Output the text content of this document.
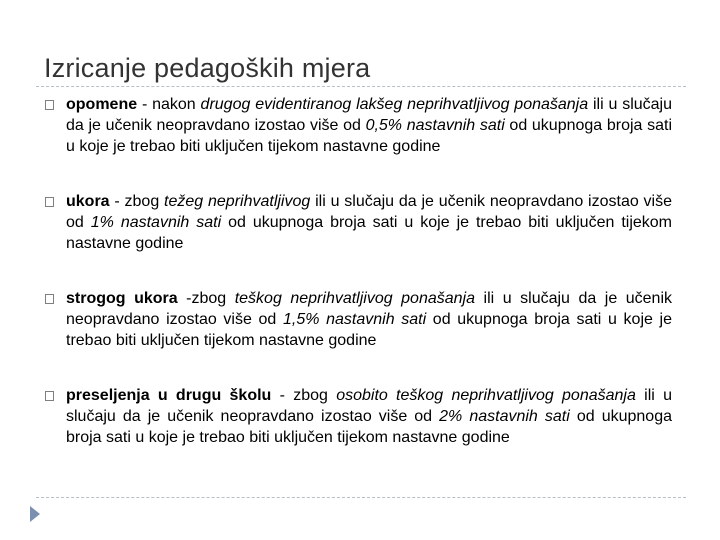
Izricanje pedagoških mjera
opomene - nakon drugog evidentiranog lakšeg neprihvatljivog ponašanja ili u slučaju da je učenik neopravdano izostao više od 0,5% nastavnih sati od ukupnoga broja sati u koje je trebao biti uključen tijekom nastavne godine
ukora - zbog težeg neprihvatljivog ili u slučaju da je učenik neopravdano izostao više od 1% nastavnih sati od ukupnoga broja sati u koje je trebao biti uključen tijekom nastavne godine
strogog ukora -zbog teškog neprihvatljivog ponašanja ili u slučaju da je učenik neopravdano izostao više od 1,5% nastavnih sati od ukupnoga broja sati u koje je trebao biti uključen tijekom nastavne godine
preseljenja u drugu školu - zbog osobito teškog neprihvatljivog ponašanja ili u slučaju da je učenik neopravdano izostao više od 2% nastavnih sati od ukupnoga broja sati u koje je trebao biti uključen tijekom nastavne godine
